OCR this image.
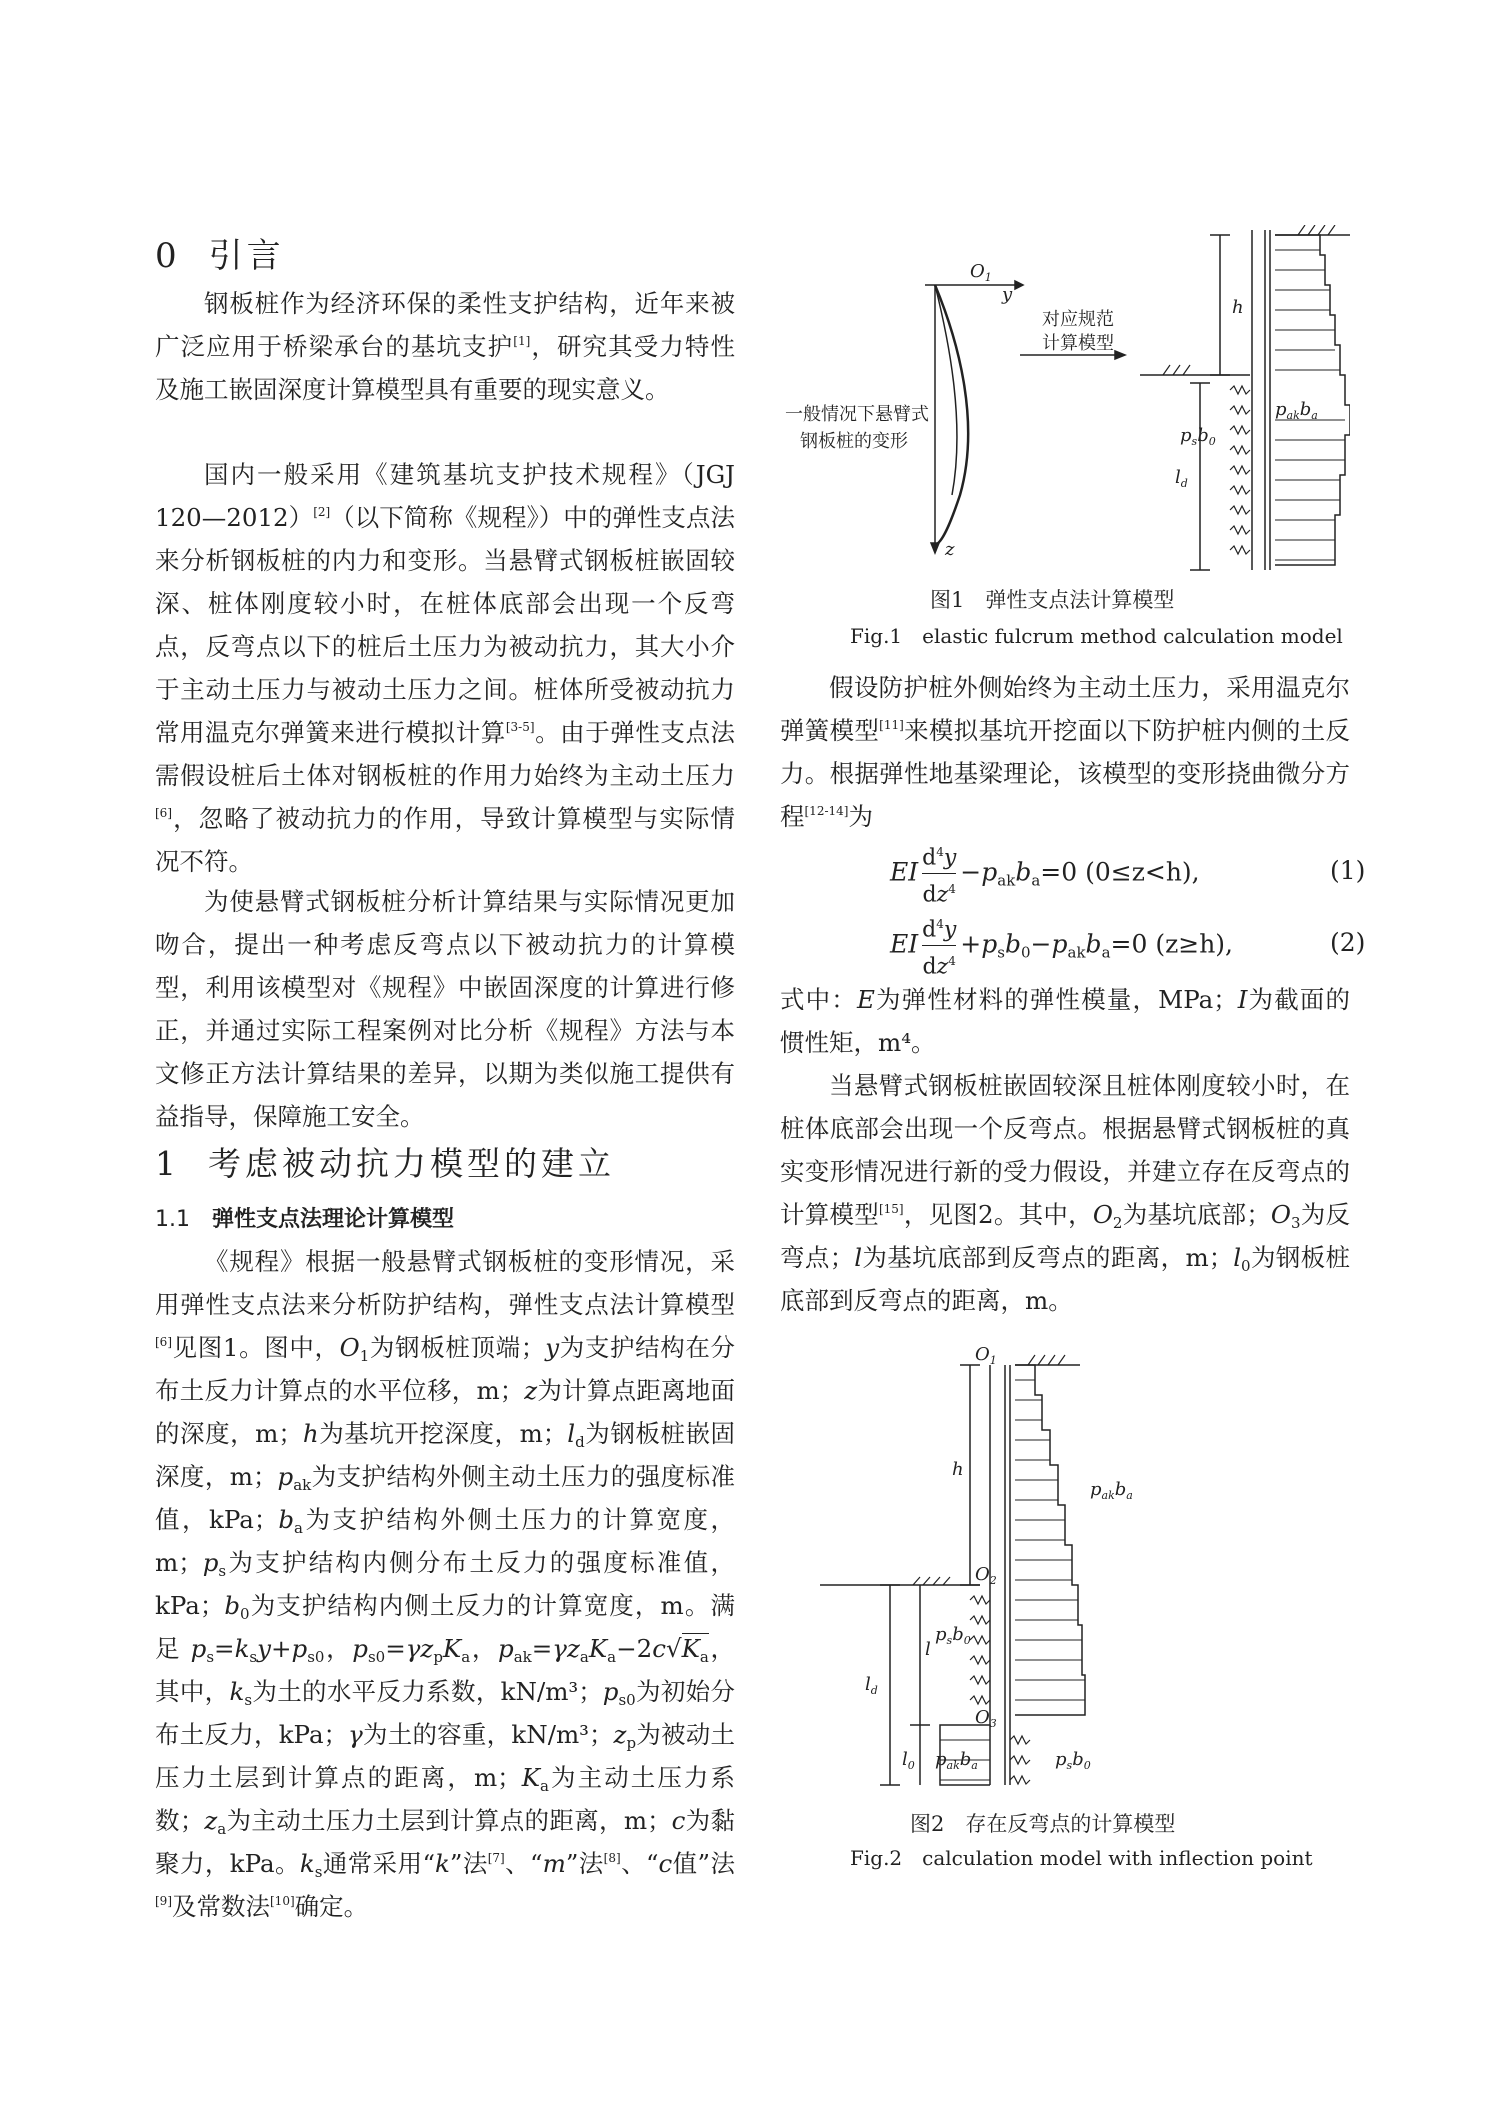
0 引言

钢板桩作为经济环保的柔性支护结构，近年来被广泛应用于桥梁承台的基坑支护[1]，研究其受力特性及施工嵌固深度计算模型具有重要的现实意义。

国内一般采用《建筑基坑支护技术规程》（JGJ 120—2012）[2]（以下简称《规程》）中的弹性支点法来分析钢板桩的内力和变形。当悬臂式钢板桩嵌固较深、桩体刚度较小时，在桩体底部会出现一个反弯点，反弯点以下的桩后土压力为被动抗力，其大小介于主动土压力与被动土压力之间。桩体所受被动抗力常用温克尔弹簧来进行模拟计算[3-5]。由于弹性支点法需假设桩后土体对钢板桩的作用力始终为主动土压力[6]，忽略了被动抗力的作用，导致计算模型与实际情况不符。

为使悬臂式钢板桩分析计算结果与实际情况更加吻合，提出一种考虑反弯点以下被动抗力的计算模型，利用该模型对《规程》中嵌固深度的计算进行修正，并通过实际工程案例对比分析《规程》方法与本文修正方法计算结果的差异，以期为类似施工提供有益指导，保障施工安全。

1 考虑被动抗力模型的建立
1.1 弹性支点法理论计算模型

《规程》根据一般悬臂式钢板桩的变形情况，采用弹性支点法来分析防护结构，弹性支点法计算模型[6]见图1。图中，$O_1$为钢板桩顶端；y为支护结构在分布土反力计算点的水平位移，m；z为计算点距离地面的深度，m；h为基坑开挖深度，m；$l_d$为钢板桩嵌固深度，m；$p_{ak}$为支护结构外侧主动土压力的强度标准值，kPa；$b_a$为支护结构外侧土压力的计算宽度，m；$p_s$为支护结构内侧分布土反力的强度标准值，kPa；$b_0$为支护结构内侧土反力的计算宽度，m。满足 $p_s=k_sy+p_{s0}$，$p_{s0}=\gamma z_pK_a$，$p_{ak}=\gamma z_aK_a-2c√K_a$，其中，$k_s$为土的水平反力系数，kN/m³；$p_{s0}$为初始分布土反力，kPa；γ为土的容重，kN/m³；$z_p$为被动土压力土层到计算点的距离，m；$K_a$为主动土压力系数；$z_a$为主动土压力土层到计算点的距离，m；c为黏聚力，kPa。$k_s$通常采用“k”法[7]、“m”法[8]、“c值”法[9]及常数法[10]确定。

$O_1$
y
z
一般情况下悬臂式
钢板桩的变形
对应规范
计算模型
h
$l_d$
$p_sb_0$
$p_{ak}b_a$
图1　弹性支点法计算模型
Fig.1　elastic fulcrum method calculation model

假设防护桩外侧始终为主动土压力，采用温克尔弹簧模型[11]来模拟基坑开挖面以下防护桩内侧的土反力。根据弹性地基梁理论，该模型的变形挠曲微分方程[12-14]为

EI $\frac{d^4y}{dz^4} -p_{ak}b_a=0$ (0≤z<h),	(1)
EI $\frac{d^4y}{dz^4} +p_sb_0-p_{ak}b_a=0$ (z≥h),	(2)

式中：E为弹性材料的弹性模量，MPa；I为截面的惯性矩，m⁴。

当悬臂式钢板桩嵌固较深且桩体刚度较小时，在桩体底部会出现一个反弯点。根据悬臂式钢板桩的真实变形情况进行新的受力假设，并建立存在反弯点的计算模型[15]，见图2。其中，$O_2$为基坑底部；$O_3$为反弯点；l为基坑底部到反弯点的距离，m；$l_0$为钢板桩底部到反弯点的距离，m。

$O_1$
h
$O_2$
$O_3$
$p_{ak}b_a$
$l_d$
l
$p_sb_0$
$l_0$ $p_{ak}b_a$	$p_sb_0$
图2　存在反弯点的计算模型
Fig.2　calculation model with inflection point
